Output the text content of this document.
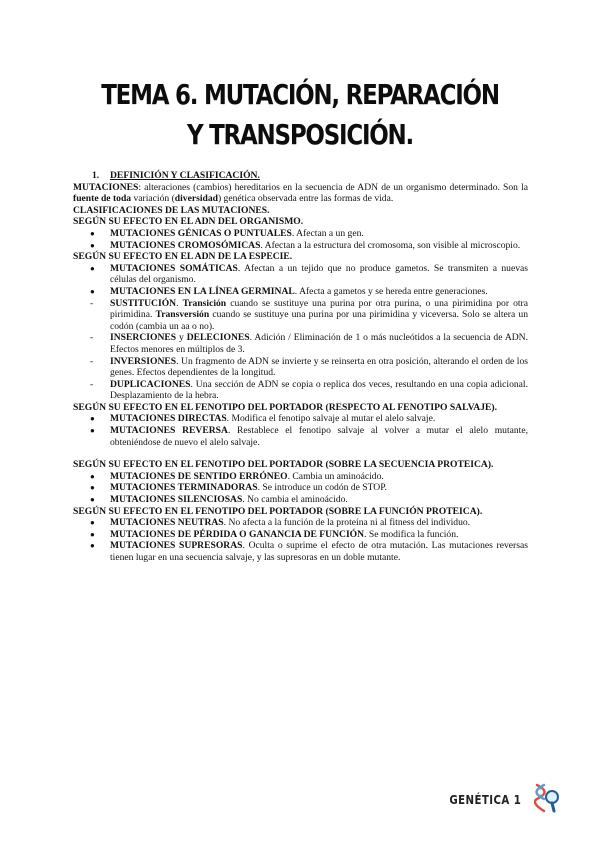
TEMA 6. MUTACIÓN, REPARACIÓN
Y TRANSPOSICIÓN.

1. DEFINICIÓN Y CLASIFICACIÓN.

MUTACIONES: alteraciones (cambios) hereditarios en la secuencia de ADN de un organismo determinado. Son la fuente de toda variación (diversidad) genética observada entre las formas de vida.

CLASIFICACIONES DE LAS MUTACIONES.

SEGÚN SU EFECTO EN EL ADN DEL ORGANISMO.

● MUTACIONES GÉNICAS O PUNTUALES. Afectan a un gen.

● MUTACIONES CROMOSÓMICAS. Afectan a la estructura del cromosoma, son visible al microscopio.

SEGÚN SU EFECTO EN EL ADN DE LA ESPECIE.

● MUTACIONES SOMÁTICAS. Afectan a un tejido que no produce gametos. Se transmiten a nuevas células del organismo.

● MUTACIONES EN LA LÍNEA GERMINAL. Afecta a gametos y se hereda entre generaciones.

- SUSTITUCIÓN. Transición cuando se sustituye una purina por otra purina, o una pirimidina por otra pirimidina. Transversión cuando se sustituye una purina por una pirimidina y viceversa. Solo se altera un codón (cambia un aa o no).

- INSERCIONES y DELECIONES. Adición / Eliminación de 1 o más nucleótidos a la secuencia de ADN. Efectos menores en múltiplos de 3.

- INVERSIONES. Un fragmento de ADN se invierte y se reinserta en otra posición, alterando el orden de los genes. Efectos dependientes de la longitud.

- DUPLICACIONES. Una sección de ADN se copia o replica dos veces, resultando en una copia adicional. Desplazamiento de la hebra.

SEGÚN SU EFECTO EN EL FENOTIPO DEL PORTADOR (RESPECTO AL FENOTIPO SALVAJE).

● MUTACIONES DIRECTAS. Modifica el fenotipo salvaje al mutar el alelo salvaje.

● MUTACIONES REVERSA. Restablece el fenotipo salvaje al volver a mutar el alelo mutante, obteniéndose de nuevo el alelo salvaje.

SEGÚN SU EFECTO EN EL FENOTIPO DEL PORTADOR (SOBRE LA SECUENCIA PROTEICA).

● MUTACIONES DE SENTIDO ERRÓNEO. Cambia un aminoácido.

● MUTACIONES TERMINADORAS. Se introduce un codón de STOP.

● MUTACIONES SILENCIOSAS. No cambia el aminoácido.

SEGÚN SU EFECTO EN EL FENOTIPO DEL PORTADOR (SOBRE LA FUNCIÓN PROTEICA).

● MUTACIONES NEUTRAS. No afecta a la función de la proteína ni al fitness del individuo.

● MUTACIONES DE PÉRDIDA O GANANCIA DE FUNCIÓN. Se modifica la función.

● MUTACIONES SUPRESORAS. Oculta o suprime el efecto de otra mutación. Las mutaciones reversas tienen lugar en una secuencia salvaje, y las supresoras en un doble mutante.

GENÉTICA 1
